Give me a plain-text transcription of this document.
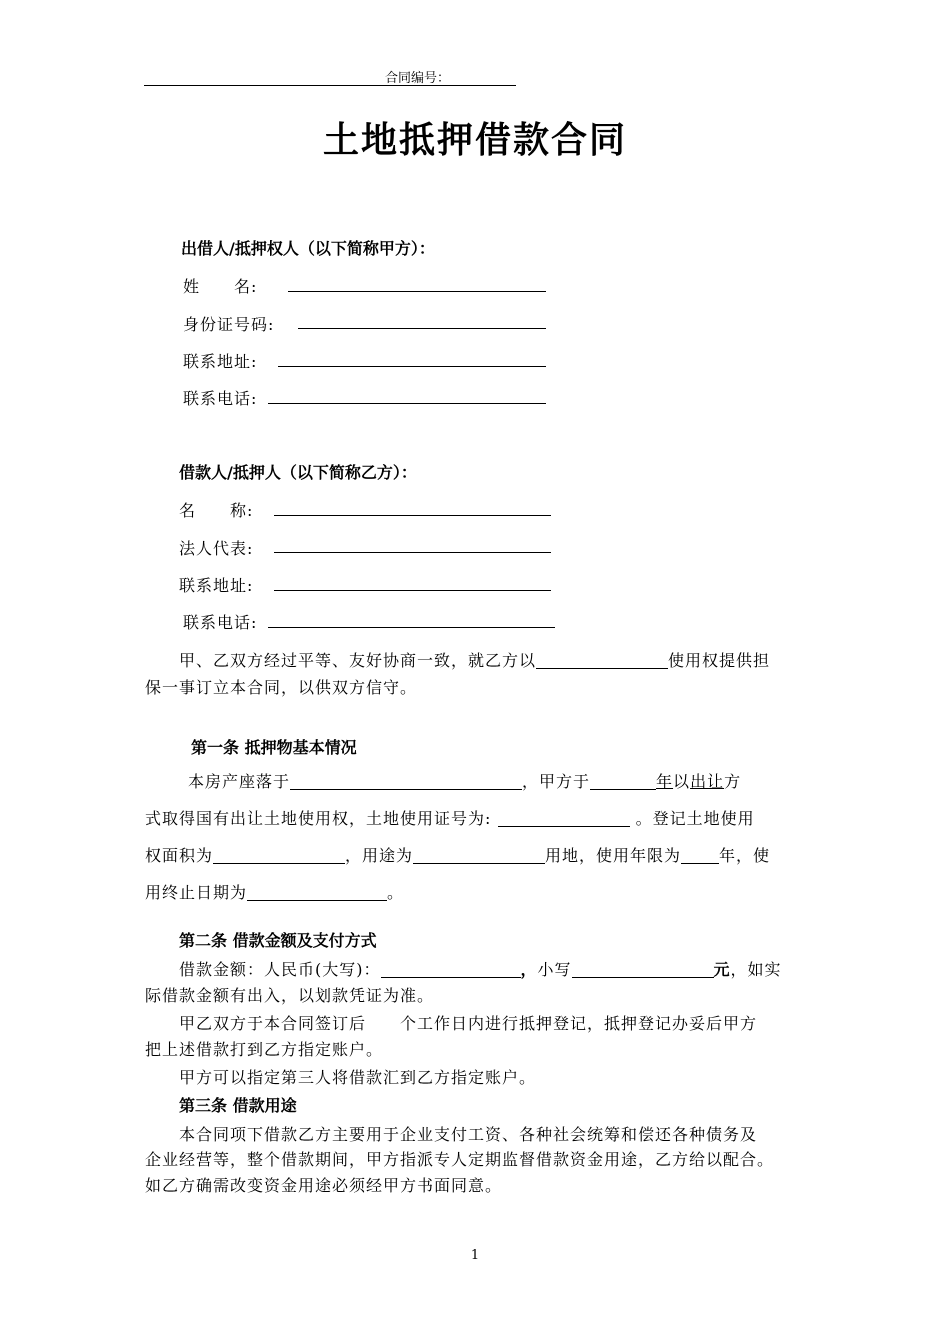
合同编号：
土地抵押借款合同
出借人/抵押权人（以下简称甲方）：
姓　　名:
身份证号码:
联系地址:
联系电话:
借款人/抵押人（以下简称乙方）：
名　　称:
法人代表:
联系地址:
联系电话:
甲、乙双方经过平等、友好协商一致，就乙方以	使用权提供担
保一事订立本合同，以供双方信守。
第一条 抵押物基本情况
本房产座落于	，甲方于	年以出让方
式取得国有出让土地使用权，土地使用证号为:	。登记土地使用
权面积为	，用途为	用地，使用年限为 年，使
用终止日期为	。
第二条 借款金额及支付方式
借款金额：人民币(大写)：	，小写	元，如实
际借款金额有出入，以划款凭证为准。
甲乙双方于本合同签订后　　个工作日内进行抵押登记，抵押登记办妥后甲方
把上述借款打到乙方指定账户。
甲方可以指定第三人将借款汇到乙方指定账户。
第三条 借款用途
本合同项下借款乙方主要用于企业支付工资、各种社会统筹和偿还各种债务及
企业经营等，整个借款期间，甲方指派专人定期监督借款资金用途，乙方给以配合。
如乙方确需改变资金用途必须经甲方书面同意。
1
